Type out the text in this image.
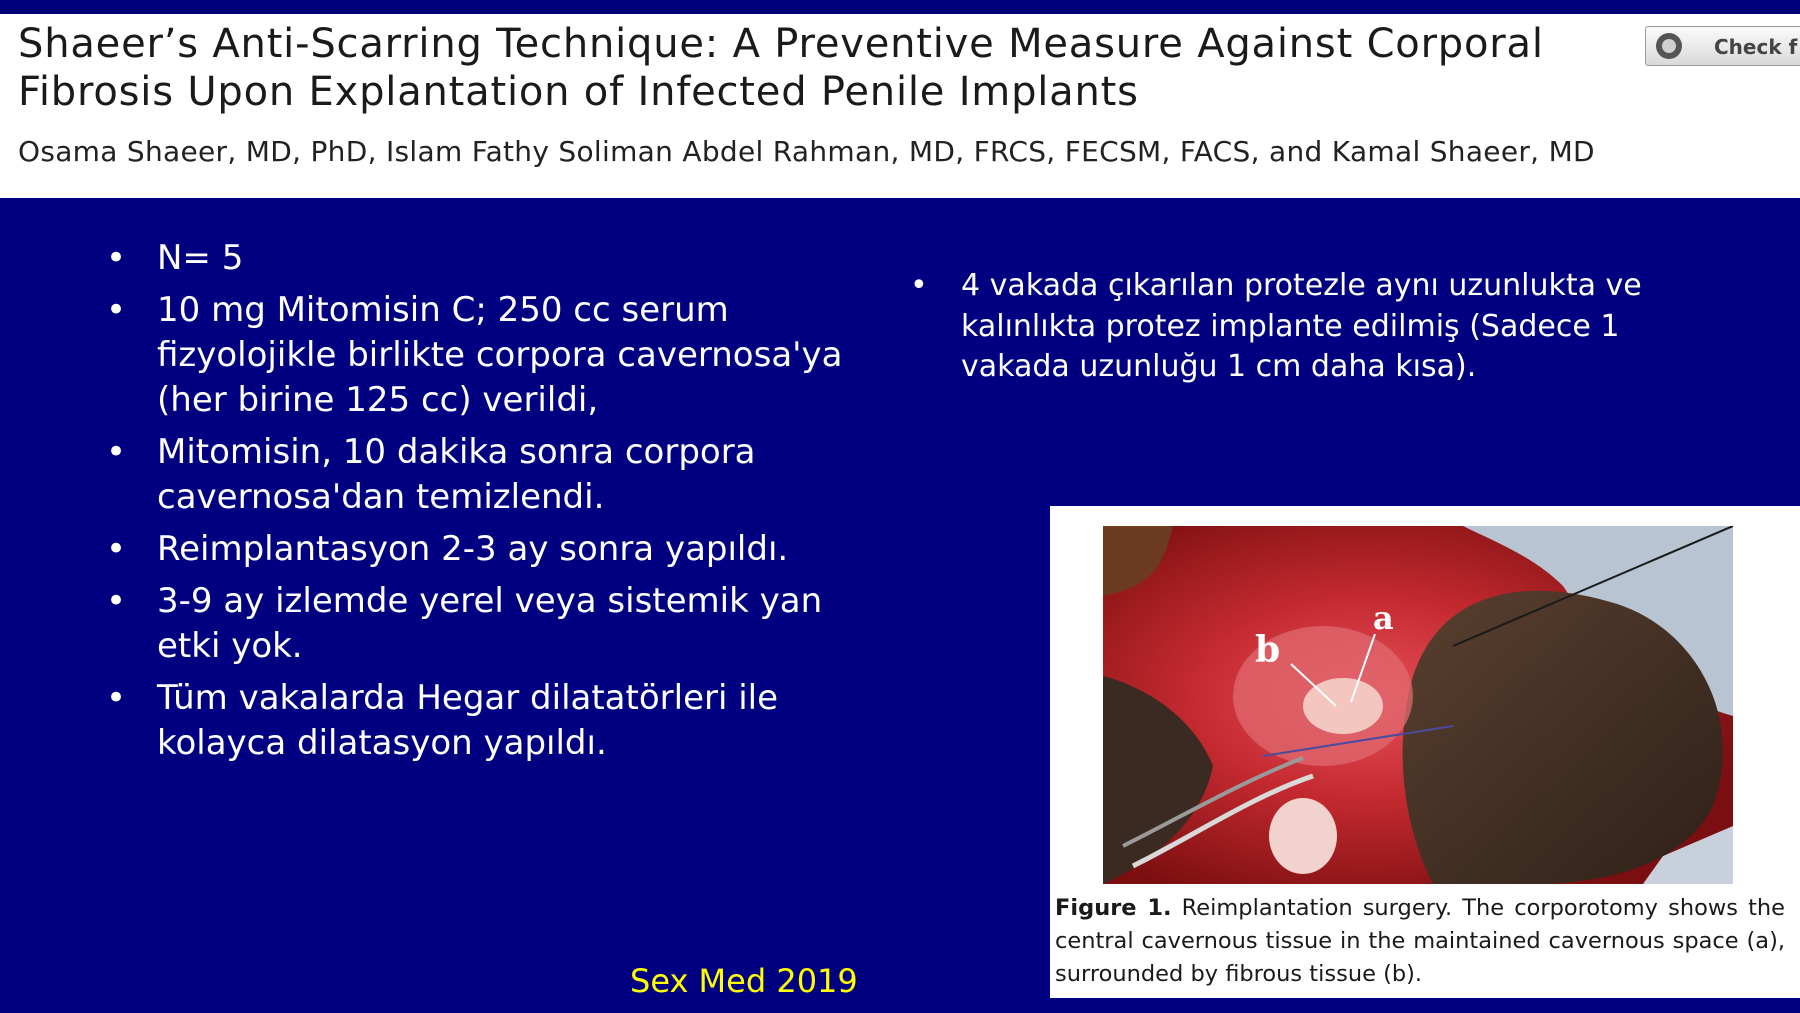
Shaeer’s Anti-Scarring Technique: A Preventive Measure Against Corporal Fibrosis Upon Explantation of Infected Penile Implants

Osama Shaeer, MD, PhD, Islam Fathy Soliman Abdel Rahman, MD, FRCS, FECSM, FACS, and Kamal Shaeer, MD

Check f
• N= 5
• 10 mg Mitomisin C; 250 cc serum fizyolojikle birlikte corpora cavernosa'ya (her birine 125 cc) verildi,
• Mitomisin, 10 dakika sonra corpora cavernosa'dan temizlendi.
• Reimplantasyon 2-3 ay sonra yapıldı.
• 3-9 ay izlemde yerel veya sistemik yan etki yok.
• Tüm vakalarda Hegar dilatatörleri ile kolayca dilatasyon yapıldı.
• 4 vakada çıkarılan protezle aynı uzunlukta ve kalınlıkta protez implante edilmiş (Sadece 1 vakada uzunluğu 1 cm daha kısa).
b
a

Figure 1. Reimplantation surgery. The corporotomy shows the central cavernous tissue in the maintained cavernous space (a), surrounded by fibrous tissue (b).

Sex Med 2019
